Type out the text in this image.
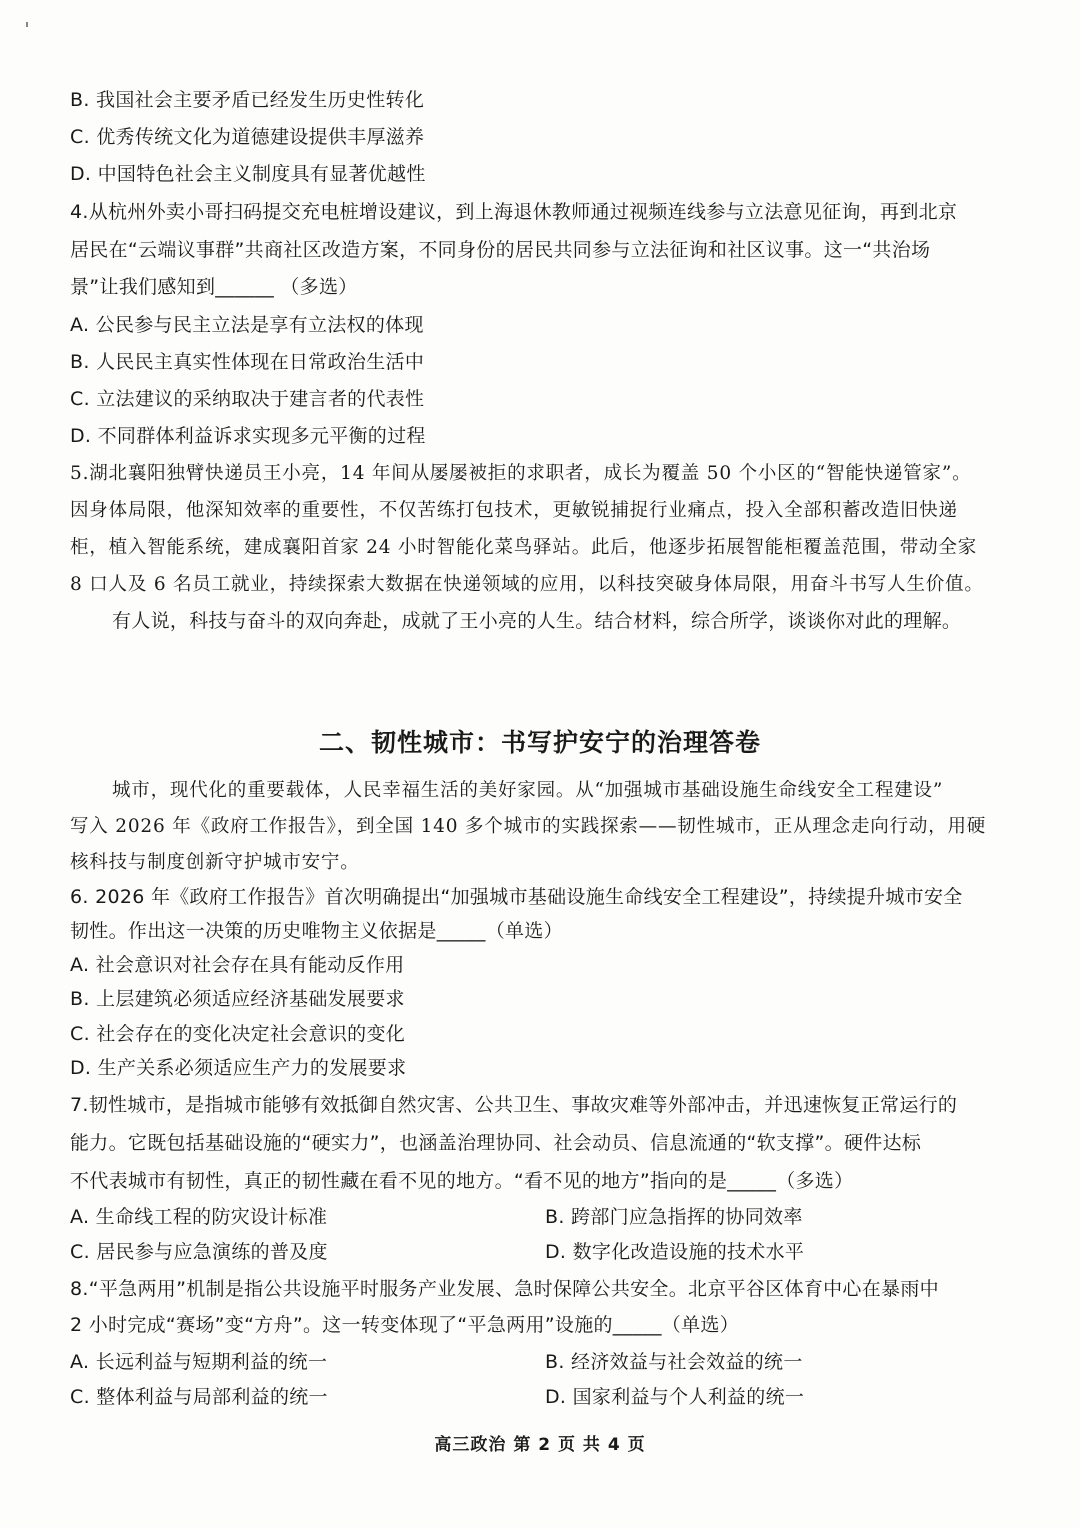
B. 我国社会主要矛盾已经发生历史性转化
C. 优秀传统文化为道德建设提供丰厚滋养
D. 中国特色社会主义制度具有显著优越性
4.从杭州外卖小哥扫码提交充电桩增设建议，到上海退休教师通过视频连线参与立法意见征询，再到北京
居民在“云端议事群”共商社区改造方案，不同身份的居民共同参与立法征询和社区议事。这一“共治场
景”让我们感知到______ （多选）
A. 公民参与民主立法是享有立法权的体现
B. 人民民主真实性体现在日常政治生活中
C. 立法建议的采纳取决于建言者的代表性
D. 不同群体利益诉求实现多元平衡的过程
5.湖北襄阳独臂快递员王小亮，14 年间从屡屡被拒的求职者，成长为覆盖 50 个小区的“智能快递管家”。
因身体局限，他深知效率的重要性，不仅苦练打包技术，更敏锐捕捉行业痛点，投入全部积蓄改造旧快递
柜，植入智能系统，建成襄阳首家 24 小时智能化菜鸟驿站。此后，他逐步拓展智能柜覆盖范围，带动全家
8 口人及 6 名员工就业，持续探索大数据在快递领域的应用，以科技突破身体局限，用奋斗书写人生价值。
有人说，科技与奋斗的双向奔赴，成就了王小亮的人生。结合材料，综合所学，谈谈你对此的理解。
二、韧性城市：书写护安宁的治理答卷
城市，现代化的重要载体，人民幸福生活的美好家园。从“加强城市基础设施生命线安全工程建设”
写入 2026 年《政府工作报告》，到全国 140 多个城市的实践探索——韧性城市，正从理念走向行动，用硬
核科技与制度创新守护城市安宁。
6. 2026 年《政府工作报告》首次明确提出“加强城市基础设施生命线安全工程建设”，持续提升城市安全
韧性。作出这一决策的历史唯物主义依据是_____（单选）
A. 社会意识对社会存在具有能动反作用
B. 上层建筑必须适应经济基础发展要求
C. 社会存在的变化决定社会意识的变化
D. 生产关系必须适应生产力的发展要求
7.韧性城市，是指城市能够有效抵御自然灾害、公共卫生、事故灾难等外部冲击，并迅速恢复正常运行的
能力。它既包括基础设施的“硬实力”，也涵盖治理协同、社会动员、信息流通的“软支撑”。硬件达标
不代表城市有韧性，真正的韧性藏在看不见的地方。“看不见的地方”指向的是_____（多选）
A. 生命线工程的防灾设计标准	B. 跨部门应急指挥的协同效率
C. 居民参与应急演练的普及度	D. 数字化改造设施的技术水平
8.“平急两用”机制是指公共设施平时服务产业发展、急时保障公共安全。北京平谷区体育中心在暴雨中
2 小时完成“赛场”变“方舟”。这一转变体现了“平急两用”设施的_____（单选）
A. 长远利益与短期利益的统一	B. 经济效益与社会效益的统一
C. 整体利益与局部利益的统一	D. 国家利益与个人利益的统一
高三政治 第 2 页 共 4 页
